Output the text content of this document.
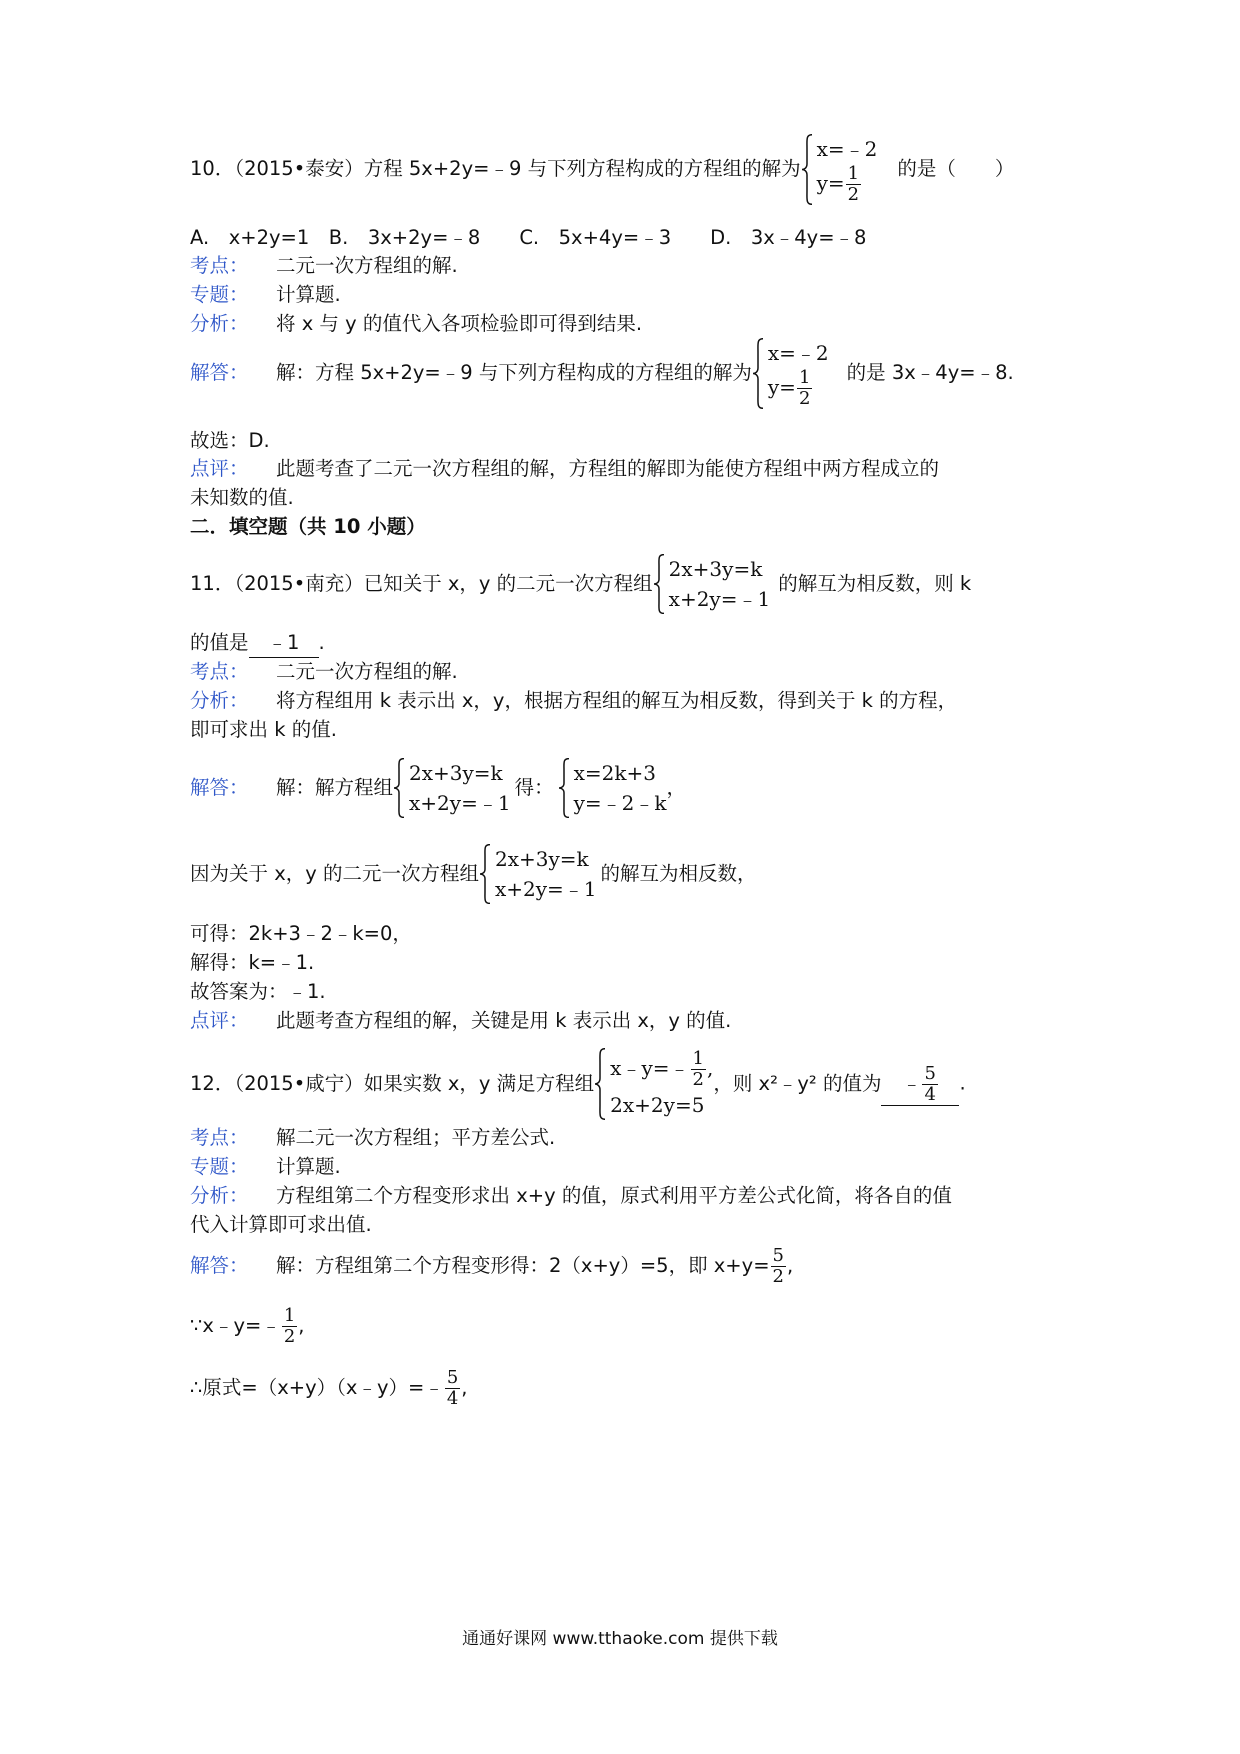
10．（2015•泰安）方程 5x+2y=﹣9 与下列方程构成的方程组的解为
x=﹣2
$y= \frac{1}{2}$ 的是（　　）
A.　x+2y=1　B.　3x+2y=﹣8　　C.　5x+4y=﹣3　　D.　3x﹣4y=﹣8
考点： 二元一次方程组的解.
专题： 计算题.
分析： 将 x 与 y 的值代入各项检验即可得到结果.
解答： 解：方程 5x+2y=﹣9 与下列方程构成的方程组的解为
x=﹣2
$y= \frac{1}{2}$ 的是 3x﹣4y=﹣8.
故选：D.
点评： 此题考查了二元一次方程组的解，方程组的解即为能使方程组中两方程成立的
未知数的值.
二．填空题（共 10 小题）
11．（2015•南充）已知关于 x，y 的二元一次方程组
2x+3y=k
x+2y=﹣1
的解互为相反数，则 k
的值是 ﹣1 .
考点： 二元一次方程组的解.
分析： 将方程组用 k 表示出 x，y，根据方程组的解互为相反数，得到关于 k 的方程，
即可求出 k 的值.
解答： 解：解方程组
2x+3y=k
x+2y=﹣1
得：
x=2k+3
y=﹣2﹣k
，
因为关于 x，y 的二元一次方程组
2x+3y=k
x+2y=﹣1
的解互为相反数，
可得：2k+3﹣2﹣k=0，
解得：k=﹣1.
故答案为：﹣1.
点评： 此题考查方程组的解，关键是用 k 表示出 x，y 的值.
12．（2015•咸宁）如果实数 x，y 满足方程组
x﹣y=﹣ $\frac{1}{2}$ ,
2x+2y=5
，则 x²﹣y² 的值为 ﹣ $\frac{5}{4}$ .
考点： 解二元一次方程组；平方差公式.
专题： 计算题.
分析： 方程组第二个方程变形求出 x+y 的值，原式利用平方差公式化简，将各自的值
代入计算即可求出值.
解答： 解：方程组第二个方程变形得：2（x+y）=5，即 $x+y= \frac{5}{2}$ ,
∵x﹣y=﹣ $\frac{1}{2}$ ,
∴原式=（x+y）（x﹣y）=﹣ $\frac{5}{4}$ ,
通通好课网 www.tthaoke.com 提供下载
